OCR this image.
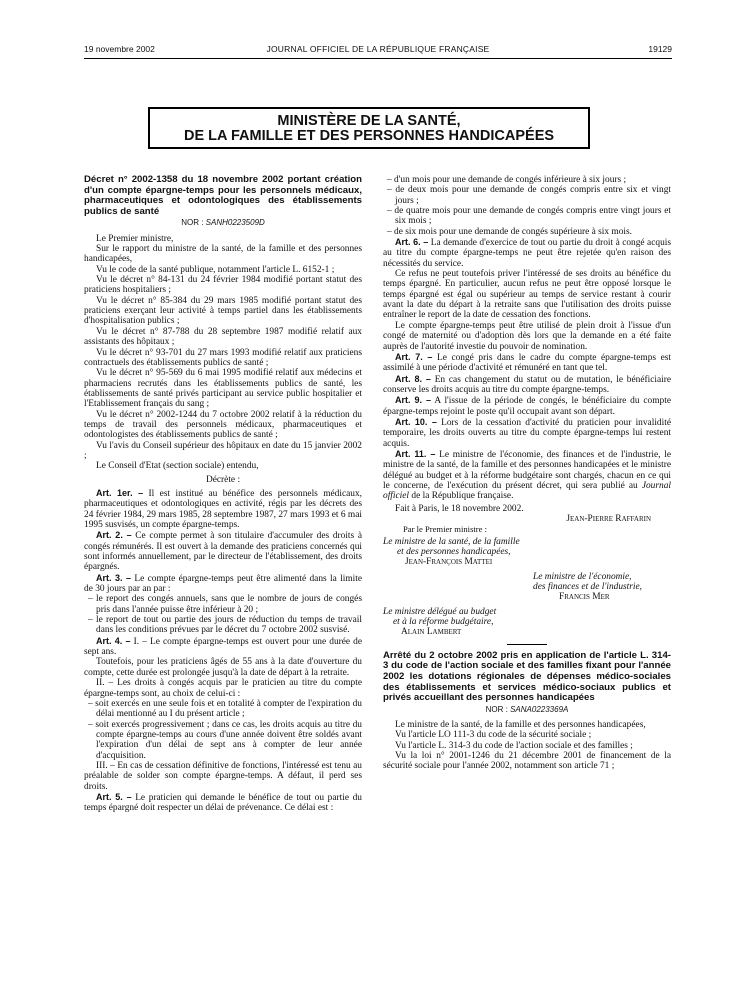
19 novembre 2002	JOURNAL OFFICIEL DE LA RÉPUBLIQUE FRANÇAISE	19129
MINISTÈRE DE LA SANTÉ,
DE LA FAMILLE ET DES PERSONNES HANDICAPÉES

Décret n° 2002-1358 du 18 novembre 2002 portant création d'un compte épargne-temps pour les personnels médicaux, pharmaceutiques et odontologiques des établissements publics de santé

NOR : SANH0223509D

Le Premier ministre,

Sur le rapport du ministre de la santé, de la famille et des personnes handicapées,

Vu le code de la santé publique, notamment l'article L. 6152-1 ;

Vu le décret n° 84-131 du 24 février 1984 modifié portant statut des praticiens hospitaliers ;

Vu le décret n° 85-384 du 29 mars 1985 modifié portant statut des praticiens exerçant leur activité à temps partiel dans les établissements d'hospitalisation publics ;

Vu le décret n° 87-788 du 28 septembre 1987 modifié relatif aux assistants des hôpitaux ;

Vu le décret n° 93-701 du 27 mars 1993 modifié relatif aux praticiens contractuels des établissements publics de santé ;

Vu le décret n° 95-569 du 6 mai 1995 modifié relatif aux médecins et pharmaciens recrutés dans les établissements publics de santé, les établissements de santé privés participant au service public hospitalier et l'Etablissement français du sang ;

Vu le décret n° 2002-1244 du 7 octobre 2002 relatif à la réduction du temps de travail des personnels médicaux, pharmaceutiques et odontologistes des établissements publics de santé ;

Vu l'avis du Conseil supérieur des hôpitaux en date du 15 janvier 2002 ;

Le Conseil d'Etat (section sociale) entendu,

Décrète :

Art. 1er. – Il est institué au bénéfice des personnels médicaux, pharmaceutiques et odontologiques en activité, régis par les décrets des 24 février 1984, 29 mars 1985, 28 septembre 1987, 27 mars 1993 et 6 mai 1995 susvisés, un compte épargne-temps.

Art. 2. – Ce compte permet à son titulaire d'accumuler des droits à congés rémunérés. Il est ouvert à la demande des praticiens concernés qui sont informés annuellement, par le directeur de l'établissement, des droits épargnés.

Art. 3. – Le compte épargne-temps peut être alimenté dans la limite de 30 jours par an par :

– le report des congés annuels, sans que le nombre de jours de congés pris dans l'année puisse être inférieur à 20 ;

– le report de tout ou partie des jours de réduction du temps de travail dans les conditions prévues par le décret du 7 octobre 2002 susvisé.

Art. 4. – I. – Le compte épargne-temps est ouvert pour une durée de sept ans.

Toutefois, pour les praticiens âgés de 55 ans à la date d'ouverture du compte, cette durée est prolongée jusqu'à la date de départ à la retraite.

II. – Les droits à congés acquis par le praticien au titre du compte épargne-temps sont, au choix de celui-ci :

– soit exercés en une seule fois et en totalité à compter de l'expiration du délai mentionné au I du présent article ;

– soit exercés progressivement ; dans ce cas, les droits acquis au titre du compte épargne-temps au cours d'une année doivent être soldés avant l'expiration d'un délai de sept ans à compter de leur année d'acquisition.

III. – En cas de cessation définitive de fonctions, l'intéressé est tenu au préalable de solder son compte épargne-temps. A défaut, il perd ses droits.

Art. 5. – Le praticien qui demande le bénéfice de tout ou partie du temps épargné doit respecter un délai de prévenance. Ce délai est :

– d'un mois pour une demande de congés inférieure à six jours ;

– de deux mois pour une demande de congés compris entre six et vingt jours ;

– de quatre mois pour une demande de congés compris entre vingt jours et six mois ;

– de six mois pour une demande de congés supérieure à six mois.

Art. 6. – La demande d'exercice de tout ou partie du droit à congé acquis au titre du compte épargne-temps ne peut être rejetée qu'en raison des nécessités du service.

Ce refus ne peut toutefois priver l'intéressé de ses droits au bénéfice du temps épargné. En particulier, aucun refus ne peut être opposé lorsque le temps épargné est égal ou supérieur au temps de service restant à courir avant la date du départ à la retraite sans que l'utilisation des droits puisse entraîner le report de la date de cessation des fonctions.

Le compte épargne-temps peut être utilisé de plein droit à l'issue d'un congé de maternité ou d'adoption dès lors que la demande en a été faite auprès de l'autorité investie du pouvoir de nomination.

Art. 7. – Le congé pris dans le cadre du compte épargne-temps est assimilé à une période d'activité et rémunéré en tant que tel.

Art. 8. – En cas changement du statut ou de mutation, le bénéficiaire conserve les droits acquis au titre du compte épargne-temps.

Art. 9. – A l'issue de la période de congés, le bénéficiaire du compte épargne-temps rejoint le poste qu'il occupait avant son départ.

Art. 10. – Lors de la cessation d'activité du praticien pour invalidité temporaire, les droits ouverts au titre du compte épargne-temps lui restent acquis.

Art. 11. – Le ministre de l'économie, des finances et de l'industrie, le ministre de la santé, de la famille et des personnes handicapées et le ministre délégué au budget et à la réforme budgétaire sont chargés, chacun en ce qui le concerne, de l'exécution du présent décret, qui sera publié au Journal officiel de la République française.

Fait à Paris, le 18 novembre 2002.

Jean-Pierre Raffarin

Par le Premier ministre :

Le ministre de la santé, de la famille

et des personnes handicapées,

Jean-François Mattei

Le ministre de l'économie,

des finances et de l'industrie,

Francis Mer

Le ministre délégué au budget

et à la réforme budgétaire,

Alain Lambert

Arrêté du 2 octobre 2002 pris en application de l'article L. 314-3 du code de l'action sociale et des familles fixant pour l'année 2002 les dotations régionales de dépenses médico-sociales des établissements et services médico-sociaux publics et privés accueillant des personnes handicapées

NOR : SANA0223369A

Le ministre de la santé, de la famille et des personnes handicapées,

Vu l'article LO 111-3 du code de la sécurité sociale ;

Vu l'article L. 314-3 du code de l'action sociale et des familles ;

Vu la loi n° 2001-1246 du 21 décembre 2001 de financement de la sécurité sociale pour l'année 2002, notamment son article 71 ;
